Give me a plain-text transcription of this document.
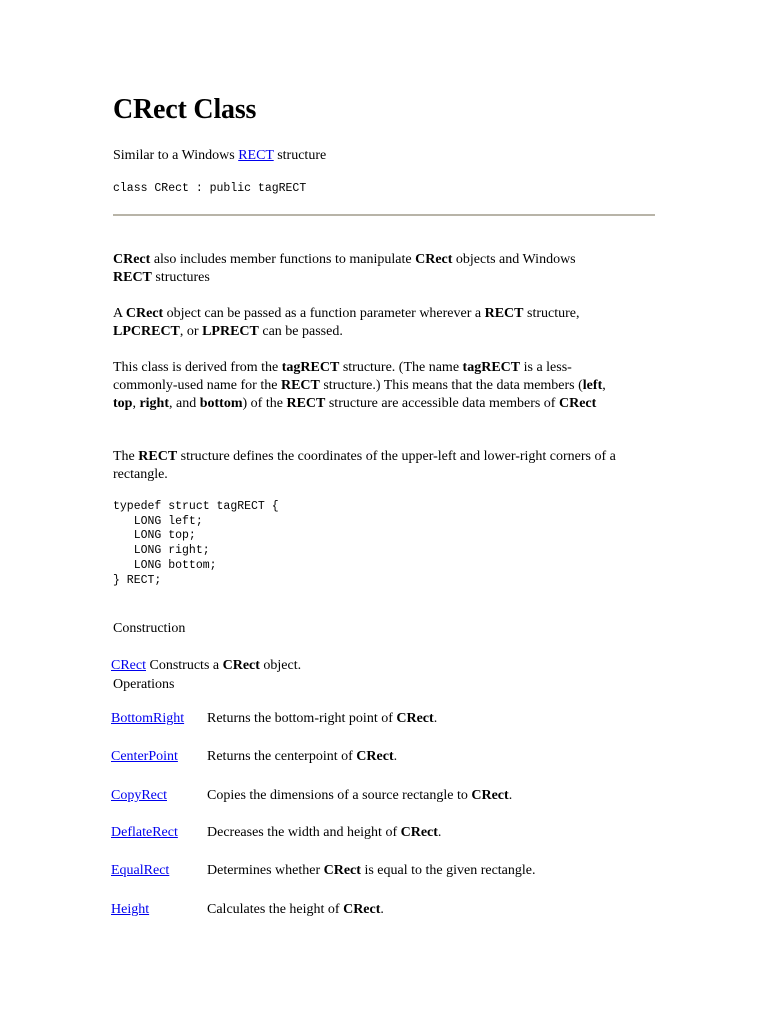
CRect Class
Similar to a Windows RECT structure
class CRect : public tagRECT
CRect also includes member functions to manipulate CRect objects and Windows
RECT structures
A CRect object can be passed as a function parameter wherever a RECT structure,
LPCRECT, or LPRECT can be passed.
This class is derived from the tagRECT structure. (The name tagRECT is a less-
commonly-used name for the RECT structure.) This means that the data members (left,
top, right, and bottom) of the RECT structure are accessible data members of CRect
The RECT structure defines the coordinates of the upper-left and lower-right corners of a
rectangle.
typedef struct tagRECT {
LONG left;
LONG top;
LONG right;
LONG bottom;
} RECT;
Construction
CRect Constructs a CRect object.
Operations
BottomRight Returns the bottom-right point of CRect.
CenterPoint Returns the centerpoint of CRect.
CopyRect	Copies the dimensions of a source rectangle to CRect.
DeflateRect Decreases the width and height of CRect.
EqualRect	Determines whether CRect is equal to the given rectangle.
Height	Calculates the height of CRect.
